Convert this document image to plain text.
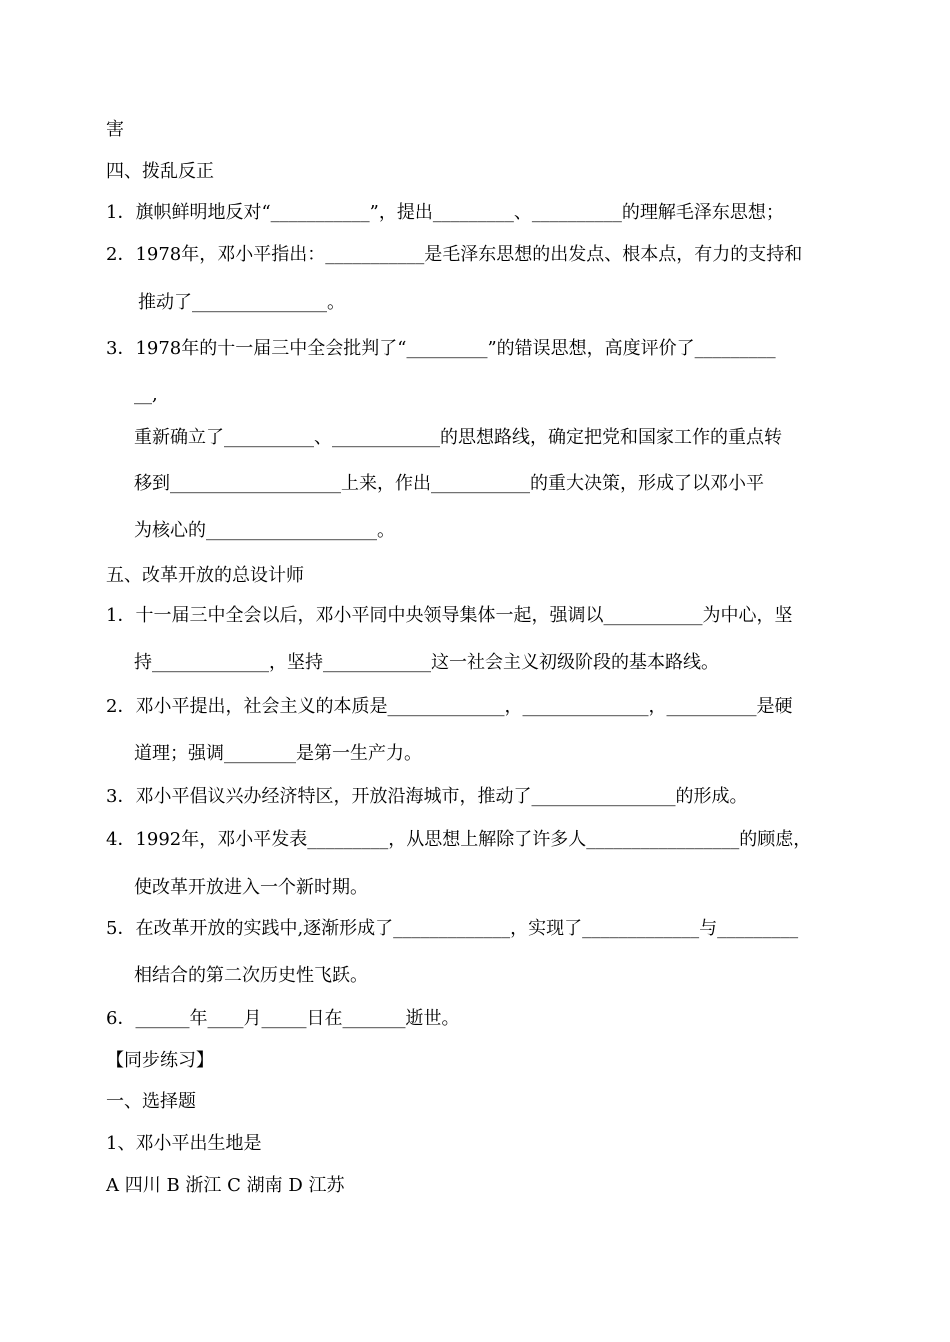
害
四、拨乱反正
1．旗帜鲜明地反对“___________”，提出_________、__________的理解毛泽东思想；
2．1978年，邓小平指出：___________是毛泽东思想的出发点、根本点，有力的支持和
推动了_______________。
3．1978年的十一届三中全会批判了“_________”的错误思想，高度评价了_________
__,
重新确立了__________、____________的思想路线，确定把党和国家工作的重点转
移到___________________上来，作出___________的重大决策，形成了以邓小平
为核心的___________________。
五、改革开放的总设计师
1．十一届三中全会以后，邓小平同中央领导集体一起，强调以___________为中心，坚
持_____________，坚持____________这一社会主义初级阶段的基本路线。
2．邓小平提出，社会主义的本质是_____________，______________，__________是硬
道理；强调________是第一生产力。
3．邓小平倡议兴办经济特区，开放沿海城市，推动了________________的形成。
4．1992年，邓小平发表_________，从思想上解除了许多人_________________的顾虑，
使改革开放进入一个新时期。
5．在改革开放的实践中,逐渐形成了_____________，实现了_____________与_________
相结合的第二次历史性飞跃。
6．______年____月_____日在_______逝世。
【同步练习】
一、选择题
1、邓小平出生地是
A 四川 B 浙江 C 湖南 D 江苏
